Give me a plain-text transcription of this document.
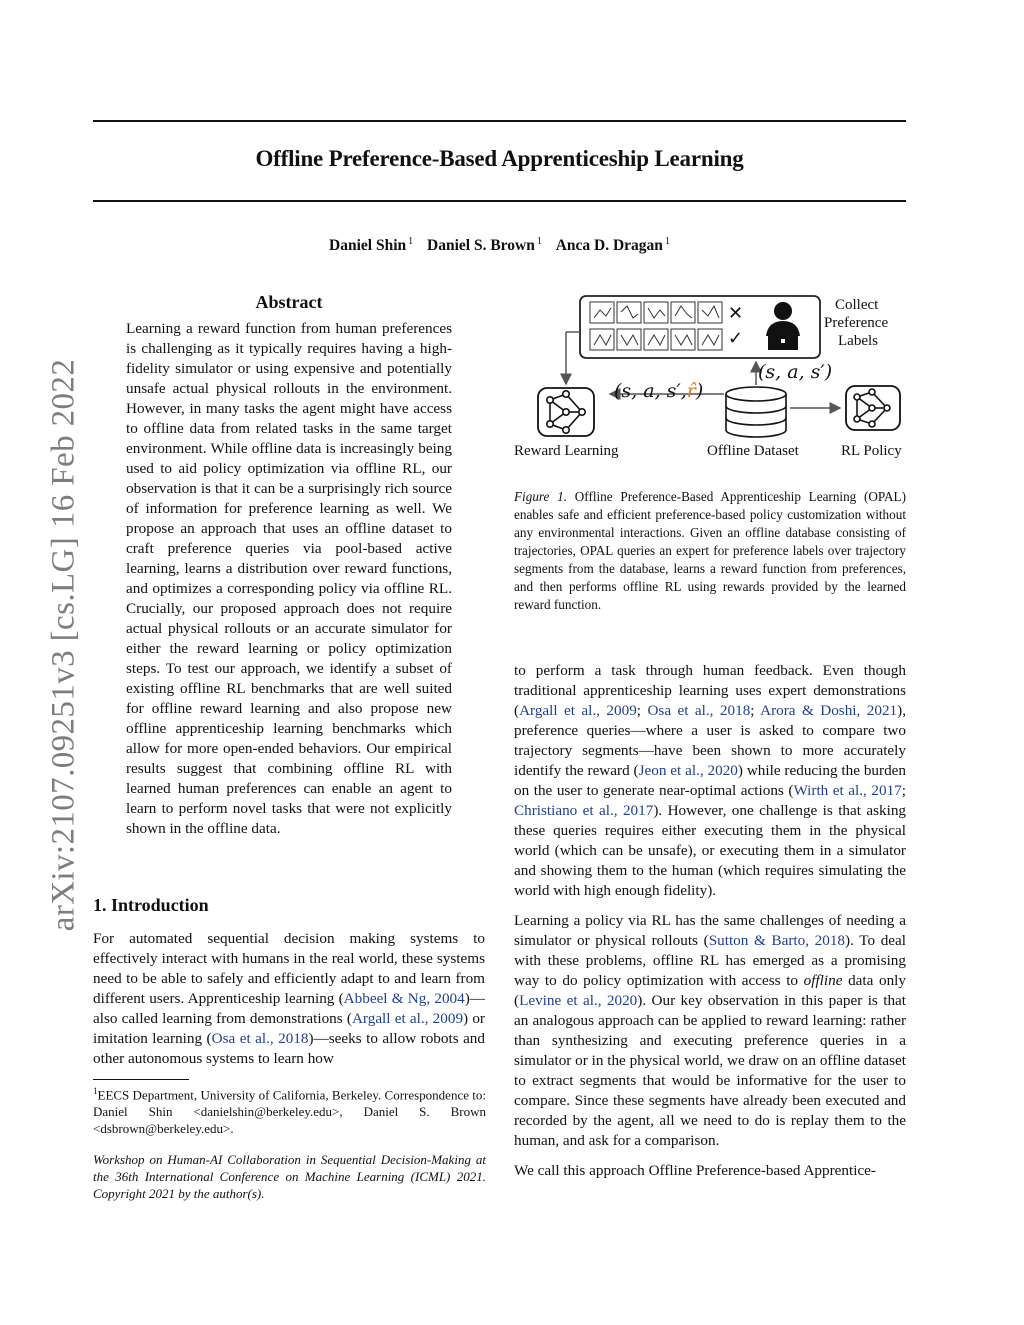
Offline Preference-Based Apprenticeship Learning
Daniel Shin $^1$ Daniel S. Brown $^1$ Anca D. Dragan $^1$
arXiv:2107.09251v3 [cs.LG] 16 Feb 2022
Abstract

Learning a reward function from human preferences is challenging as it typically requires having a high-fidelity simulator or using expensive and potentially unsafe actual physical rollouts in the environment. However, in many tasks the agent might have access to offline data from related tasks in the same target environment. While offline data is increasingly being used to aid policy optimization via offline RL, our observation is that it can be a surprisingly rich source of information for preference learning as well. We propose an approach that uses an offline dataset to craft preference queries via pool-based active learning, learns a distribution over reward functions, and optimizes a corresponding policy via offline RL. Crucially, our proposed approach does not require actual physical rollouts or an accurate simulator for either the reward learning or policy optimization steps. To test our approach, we identify a subset of existing offline RL benchmarks that are well suited for offline reward learning and also propose new offline apprenticeship learning benchmarks which allow for more open-ended behaviors. Our empirical results suggest that combining offline RL with learned human preferences can enable an agent to learn to perform novel tasks that were not explicitly shown in the offline data.

1. Introduction

For automated sequential decision making systems to effectively interact with humans in the real world, these systems need to be able to safely and efficiently adapt to and learn from different users. Apprenticeship learning (Abbeel & Ng, 2004)—also called learning from demonstrations (Argall et al., 2009) or imitation learning (Osa et al., 2018)—seeks to allow robots and other autonomous systems to learn how

$^1$EECS Department, University of California, Berkeley. Correspondence to: Daniel Shin <danielshin@berkeley.edu>, Daniel S. Brown <dsbrown@berkeley.edu>.
Workshop on Human-AI Collaboration in Sequential Decision-Making at the 36th International Conference on Machine Learning (ICML) 2021. Copyright 2021 by the author(s).
✕
✓
Collect
Preference
Labels
(s, a, s′)
(s, a, s′,r̂)
Reward Learning	Offline Dataset	RL Policy
Figure 1. Offline Preference-Based Apprenticeship Learning (OPAL) enables safe and efficient preference-based policy customization without any environmental interactions. Given an offline database consisting of trajectories, OPAL queries an expert for preference labels over trajectory segments from the database, learns a reward function from preferences, and then performs offline RL using rewards provided by the learned reward function.

to perform a task through human feedback. Even though traditional apprenticeship learning uses expert demonstrations (Argall et al., 2009; Osa et al., 2018; Arora & Doshi, 2021), preference queries—where a user is asked to compare two trajectory segments—have been shown to more accurately identify the reward (Jeon et al., 2020) while reducing the burden on the user to generate near-optimal actions (Wirth et al., 2017; Christiano et al., 2017). However, one challenge is that asking these queries requires either executing them in the physical world (which can be unsafe), or executing them in a simulator and showing them to the human (which requires simulating the world with high enough fidelity).

Learning a policy via RL has the same challenges of needing a simulator or physical rollouts (Sutton & Barto, 2018). To deal with these problems, offline RL has emerged as a promising way to do policy optimization with access to offline data only (Levine et al., 2020). Our key observation in this paper is that an analogous approach can be applied to reward learning: rather than synthesizing and executing preference queries in a simulator or in the physical world, we draw on an offline dataset to extract segments that would be informative for the user to compare. Since these segments have already been executed and recorded by the agent, all we need to do is replay them to the human, and ask for a comparison.

We call this approach Offline Preference-based Apprentice-
